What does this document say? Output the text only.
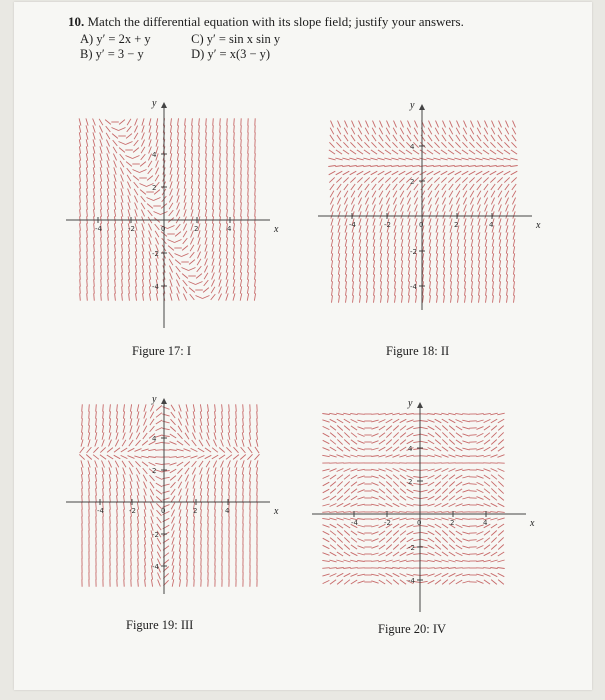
10. Match the differential equation with its slope field; justify your answers.
A) y′ = 2x + y	C) y′ = sin x sin y
B) y′ = 3 − y	D) y′ = x(3 − y)
x
y
-4	-2	0	2	4
4
2
-2
-4
Figure 17: I
x
y
-4	-2	0	2	4
4
2
-2
-4
Figure 18: II
x
y
-4	-2	0	2	4
4
2
-2
-4
Figure 19: III
x
y
-4	-2	0	2	4
4
2
-2
-4
Figure 20: IV
